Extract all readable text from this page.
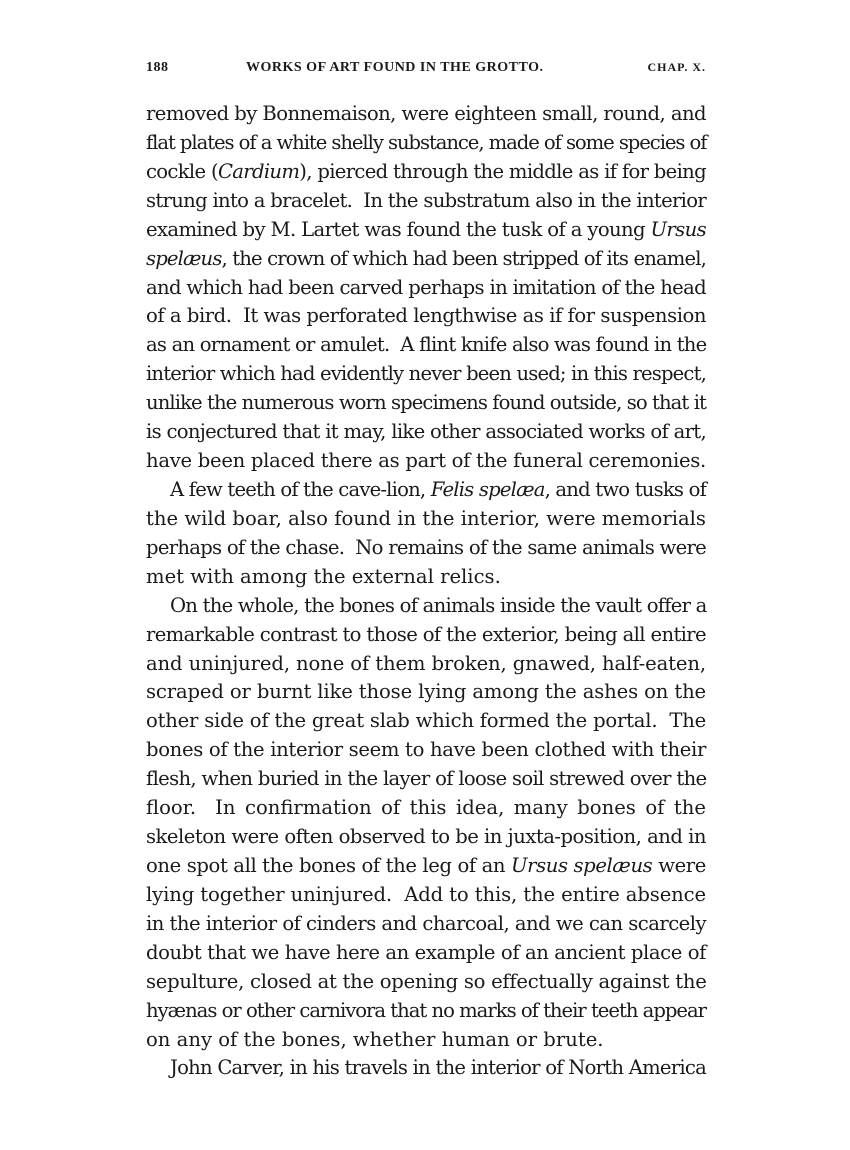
188	WORKS OF ART FOUND IN THE GROTTO.	CHAP. X.
removed by Bonnemaison, were eighteen small, round, and
flat plates of a white shelly substance, made of some species of
cockle (Cardium), pierced through the middle as if for being
strung into a bracelet.  In the substratum also in the interior
examined by M. Lartet was found the tusk of a young Ursus
spelæus, the crown of which had been stripped of its enamel,
and which had been carved perhaps in imitation of the head
of a bird.  It was perforated lengthwise as if for suspension
as an ornament or amulet.  A flint knife also was found in the
interior which had evidently never been used; in this respect,
unlike the numerous worn specimens found outside, so that it
is conjectured that it may, like other associated works of art,
have been placed there as part of the funeral ceremonies.
A few teeth of the cave-lion, Felis spelæa, and two tusks of
the wild boar, also found in the interior, were memorials
perhaps of the chase.  No remains of the same animals were
met with among the external relics.
On the whole, the bones of animals inside the vault offer a
remarkable contrast to those of the exterior, being all entire
and uninjured, none of them broken, gnawed, half-eaten,
scraped or burnt like those lying among the ashes on the
other side of the great slab which formed the portal.  The
bones of the interior seem to have been clothed with their
flesh, when buried in the layer of loose soil strewed over the
floor.  In confirmation of this idea, many bones of the
skeleton were often observed to be in juxta-position, and in
one spot all the bones of the leg of an Ursus spelæus were
lying together uninjured.  Add to this, the entire absence
in the interior of cinders and charcoal, and we can scarcely
doubt that we have here an example of an ancient place of
sepulture, closed at the opening so effectually against the
hyænas or other carnivora that no marks of their teeth appear
on any of the bones, whether human or brute.
John Carver, in his travels in the interior of North America
